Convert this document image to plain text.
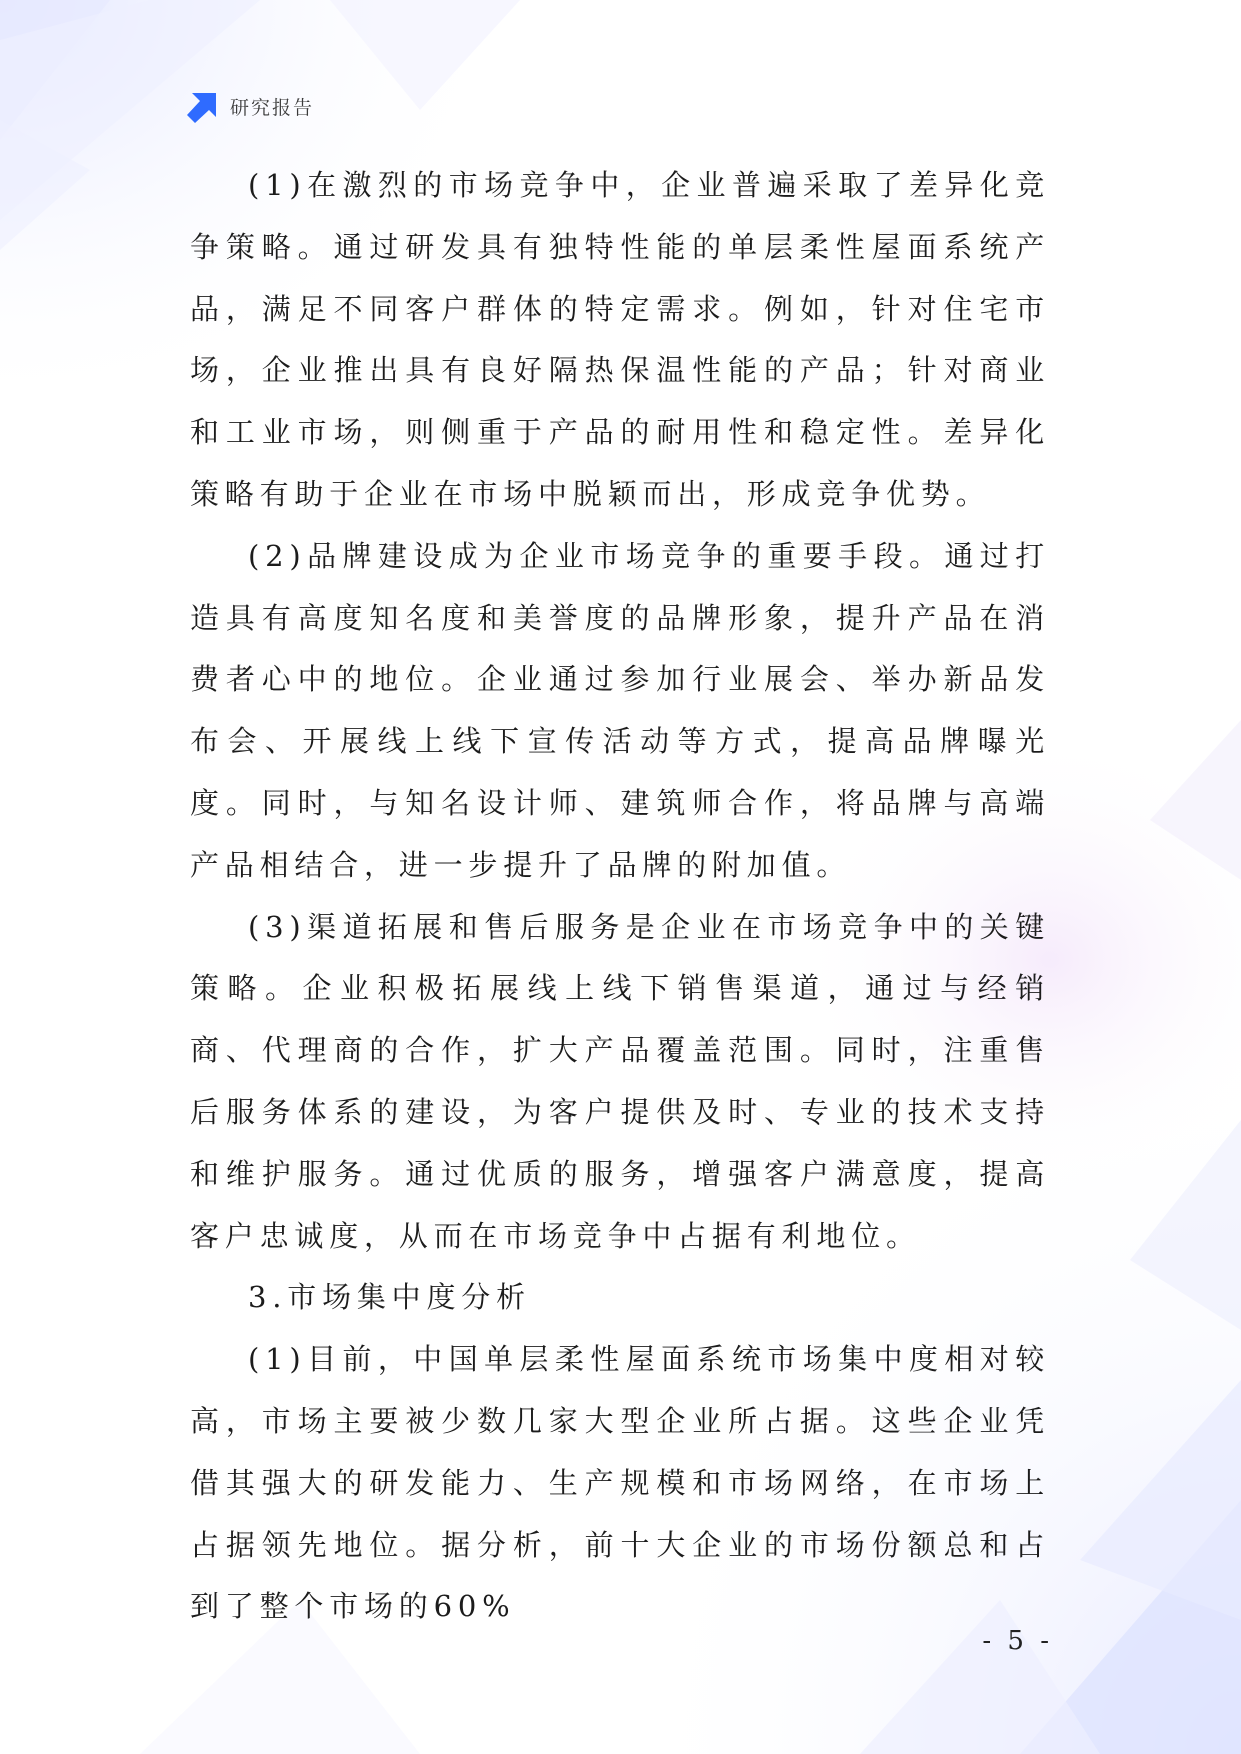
研究报告

(1)在激烈的市场竞争中，企业普遍采取了差异化竞争策略。通过研发具有独特性能的单层柔性屋面系统产品，满足不同客户群体的特定需求。例如，针对住宅市场，企业推出具有良好隔热保温性能的产品；针对商业和工业市场，则侧重于产品的耐用性和稳定性。差异化策略有助于企业在市场中脱颖而出，形成竞争优势。

(2)品牌建设成为企业市场竞争的重要手段。通过打造具有高度知名度和美誉度的品牌形象，提升产品在消费者心中的地位。企业通过参加行业展会、举办新品发布会、开展线上线下宣传活动等方式，提高品牌曝光度。同时，与知名设计师、建筑师合作，将品牌与高端产品相结合，进一步提升了品牌的附加值。

(3)渠道拓展和售后服务是企业在市场竞争中的关键策略。企业积极拓展线上线下销售渠道，通过与经销商、代理商的合作，扩大产品覆盖范围。同时，注重售后服务体系的建设，为客户提供及时、专业的技术支持和维护服务。通过优质的服务，增强客户满意度，提高客户忠诚度，从而在市场竞争中占据有利地位。

3.市场集中度分析

(1)目前，中国单层柔性屋面系统市场集中度相对较高，市场主要被少数几家大型企业所占据。这些企业凭借其强大的研发能力、生产规模和市场网络，在市场上占据领先地位。据分析，前十大企业的市场份额总和占到了整个市场的60%

- 5 -
